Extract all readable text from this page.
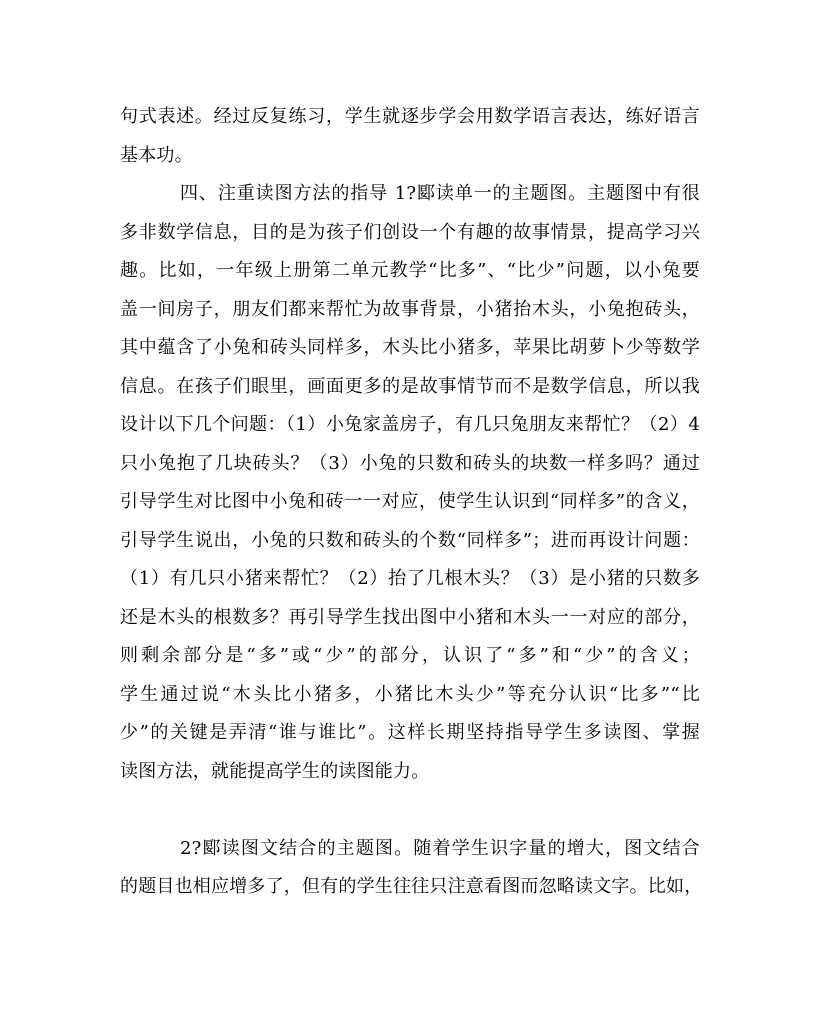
句式表述。经过反复练习，学生就逐步学会用数学语言表达，练好语言
基本功。
四、注重读图方法的指导 1?郾读单一的主题图。主题图中有很
多非数学信息，目的是为孩子们创设一个有趣的故事情景，提高学习兴
趣。比如，一年级上册第二单元教学“比多”、“比少”问题，以小兔要
盖一间房子，朋友们都来帮忙为故事背景，小猪抬木头，小兔抱砖头，
其中蕴含了小兔和砖头同样多，木头比小猪多，苹果比胡萝卜少等数学
信息。在孩子们眼里，画面更多的是故事情节而不是数学信息，所以我
设计以下几个问题：（1）小兔家盖房子，有几只兔朋友来帮忙？（2）4
只小兔抱了几块砖头？（3）小兔的只数和砖头的块数一样多吗？通过
引导学生对比图中小兔和砖一一对应，使学生认识到“同样多”的含义，
引导学生说出，小兔的只数和砖头的个数“同样多”；进而再设计问题：
（1）有几只小猪来帮忙？（2）抬了几根木头？（3）是小猪的只数多
还是木头的根数多？再引导学生找出图中小猪和木头一一对应的部分，
则剩余部分是“多”或“少”的部分，认识了“多”和“少”的含义；
学生通过说“木头比小猪多，小猪比木头少”等充分认识“比多”“比
少”的关键是弄清“谁与谁比”。这样长期坚持指导学生多读图、掌握
读图方法，就能提高学生的读图能力。
2?郾读图文结合的主题图。随着学生识字量的增大，图文结合
的题目也相应增多了，但有的学生往往只注意看图而忽略读文字。比如，
